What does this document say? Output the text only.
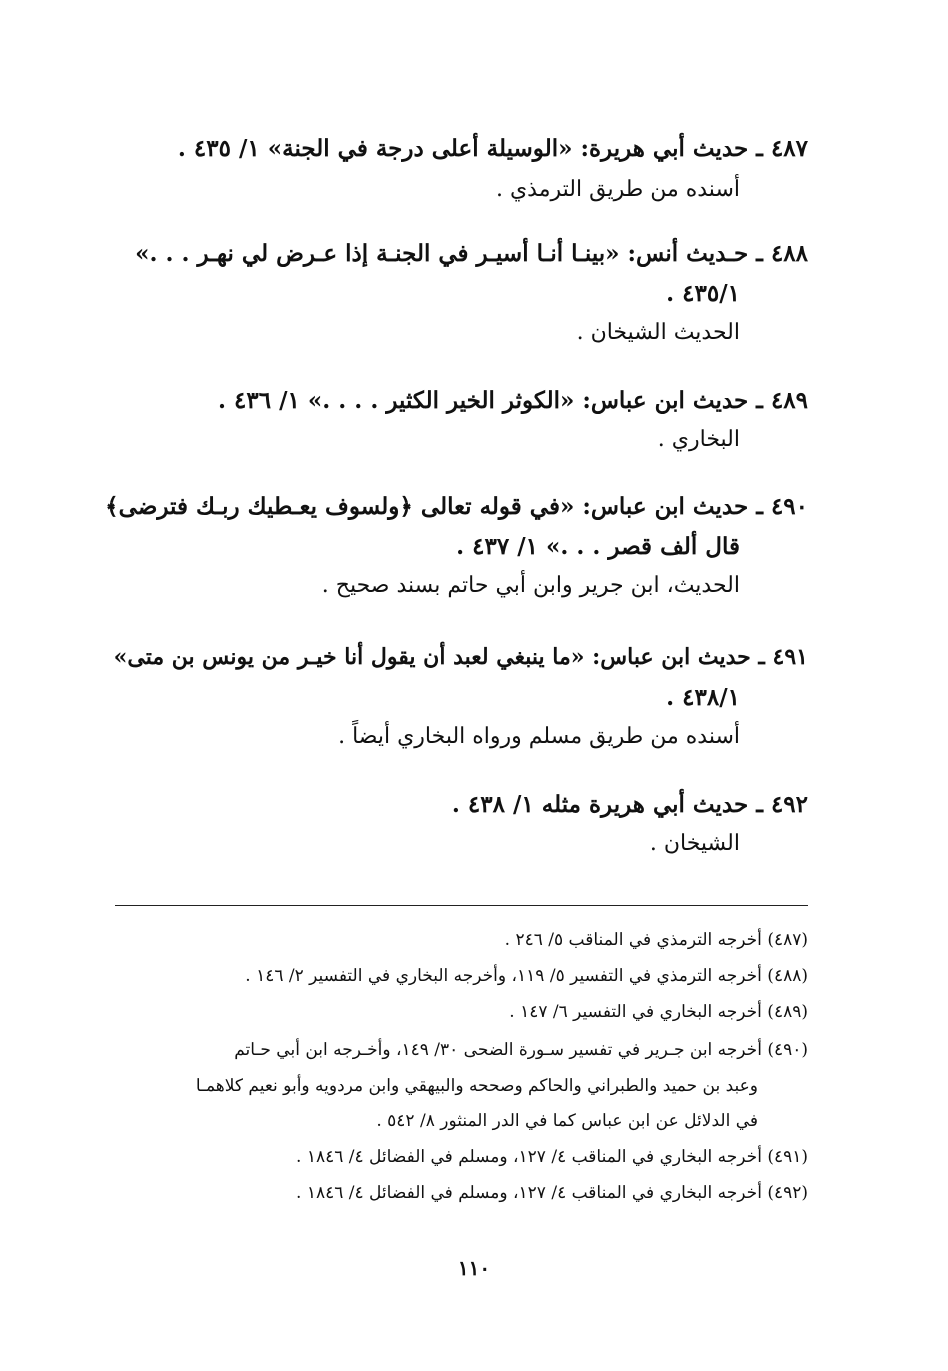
٤٨٧ ـ حديث أبي هريرة: «الوسيلة أعلى درجة في الجنة» ١/ ٤٣٥ .
أسنده من طريق الترمذي .
٤٨٨ ـ حـديث أنس: «بينـا أنـا أسيـر في الجنـة إذا عـرض لي نهـر . . .»
٤٣٥/١ .
الحديث الشيخان .
٤٨٩ ـ حديث ابن عباس: «الكوثر الخير الكثير . . . .» ١/ ٤٣٦ .
البخاري .
٤٩٠ ـ حديث ابن عباس: «في قوله تعالى ﴿ولسوف يعـطيك ربـك فترضى﴾
قال ألف قصر . . .» ١/ ٤٣٧ .
الحديث، ابن جرير وابن أبي حاتم بسند صحيح .
٤٩١ ـ حديث ابن عباس: «ما ينبغي لعبد أن يقول أنا خيـر من يونس بن متى»
٤٣٨/١ .
أسنده من طريق مسلم ورواه البخاري أيضاً .
٤٩٢ ـ حديث أبي هريرة مثله ١/ ٤٣٨ .
الشيخان .
(٤٨٧) أخرجه الترمذي في المناقب ٥/ ٢٤٦ .
(٤٨٨) أخرجه الترمذي في التفسير ٥/ ١١٩، وأخرجه البخاري في التفسير ٢/ ١٤٦ .
(٤٨٩) أخرجه البخاري في التفسير ٦/ ١٤٧ .
(٤٩٠) أخرجه ابن جـرير في تفسير سـورة الضحى ٣٠/ ١٤٩، وأخـرجه ابن أبي حـاتم
وعبد بن حميد والطبراني والحاكم وصححه والبيهقي وابن مردويه وأبو نعيم كلاهمـا
في الدلائل عن ابن عباس كما في الدر المنثور ٨/ ٥٤٢ .
(٤٩١) أخرجه البخاري في المناقب ٤/ ١٢٧، ومسلم في الفضائل ٤/ ١٨٤٦ .
(٤٩٢) أخرجه البخاري في المناقب ٤/ ١٢٧، ومسلم في الفضائل ٤/ ١٨٤٦ .
١١٠
